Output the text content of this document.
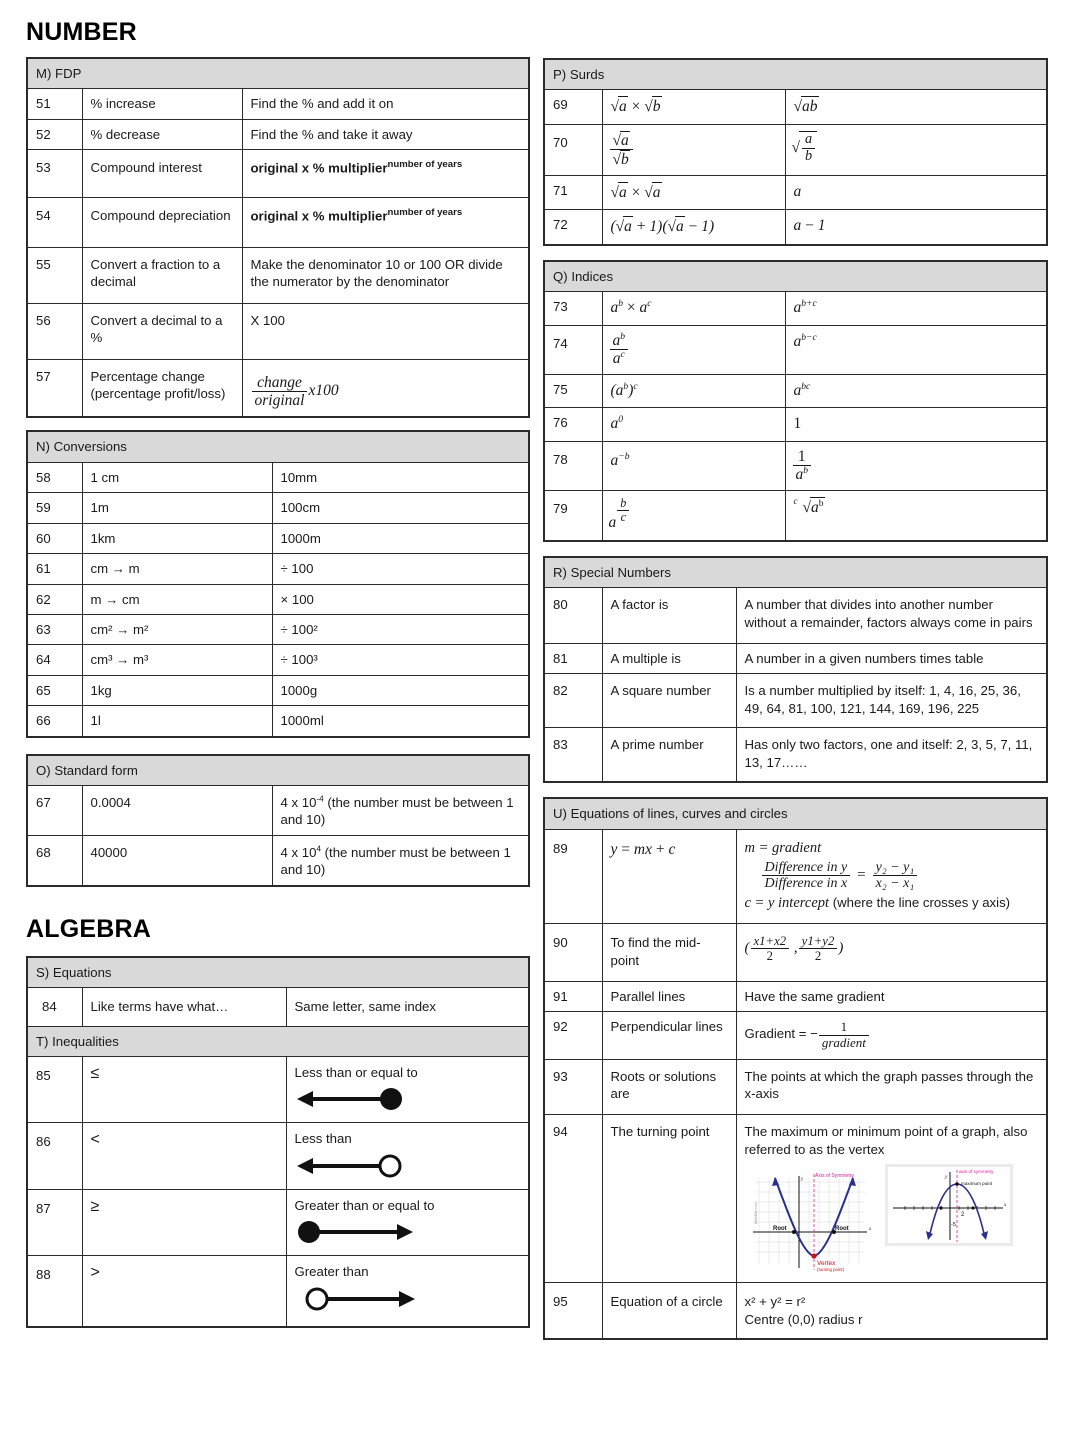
NUMBER
M) FDP		
51	% increase	Find the % and add it on
52	% decrease	Find the % and take it away
53	Compound interest	original x % multiplier$^{number of years}$
54	Compound depreciation	original x % multiplier$^{number of years}$
55	Convert a fraction to a decimal	Make the denominator 10 or 100 OR divide the numerator by the denominator
56	Convert a decimal to a %	X 100
57	Percentage change (percentage profit/loss)	$\frac{\text{change}}{\text{original}} x100$
N) Conversions		
58	1 cm	10mm
59	1m	100cm
60	1km	1000m
61	cm → m	÷ 100
62	m → cm	× 100
63	cm² → m²	÷ 100²
64	cm³ → m³	÷ 100³
65	1kg	1000g
66	1l	1000ml
O) Standard form		
67	0.0004	4 x $10^{-4}$ (the number must be between 1 and 10)
68	40000	4 x $10^4$ (the number must be between 1 and 10)
ALGEBRA
S) Equations		
84	Like terms have what…	Same letter, same index
T) Inequalities		
85	≤	Less than or equal to

86	<	Less than

87	≥	Greater than or equal to

88	>	Greater than
P) Surds		
69	√a × √b	√ab
70	$\frac{√a}{√b}$	√ $\frac{a}{b}$

71	√a × √a	a
72	(√a + 1)(√a − 1)	a − 1
Q) Indices		
73	$a^b \times a^c$	$a^{b+c}$
74	$\frac{a^b}{a^c}$	$a^{b-c}$
75	$(a^b)^c$	$a^{bc}$
76	$a^0$	1
78	$a^{-b}$	$\frac{1}{a^b}$

79	a $\frac{b}{c}$	c $√a^b$
R) Special Numbers		
80	A factor is	A number that divides into another number without a remainder, factors always come in pairs
81	A multiple is	A number in a given numbers times table
82	A square number	Is a number multiplied by itself: 1, 4, 16, 25, 36, 49, 64, 81, 100, 121, 144, 169, 196, 225
83	A prime number	Has only two factors, one and itself: 2, 3, 5, 7, 11, 13, 17……
U) Equations of lines, curves and circles		
89	y = mx + c	m = gradient
$\frac{\text{Difference in y}}{\text{Difference in x}} = \frac{\text{y₂ − y₁}}{\text{x₂ − x₁}}$
c = y intercept (where the line crosses y axis)

90	To find the mid-point	( $\frac{x1+x2}{2}$ , $\frac{y1+y2}{2}$ )
91	Parallel lines	Have the same gradient
92	Perpendicular lines	Gradient = − $\frac{1}{\text{gradient}}$

93	Roots or solutions are	The points at which the graph passes through the x-axis
94	The turning point	The maximum or minimum point of a graph, also referred to as the vertex
x
y
Axis of Symmetry
Root	Root
Vertex
(turning point)
MathBits.com	x
y
axis of symmetry
maximum point
2
-5

95	Equation of a circle	x² + y² = r²
Centre (0,0) radius r
